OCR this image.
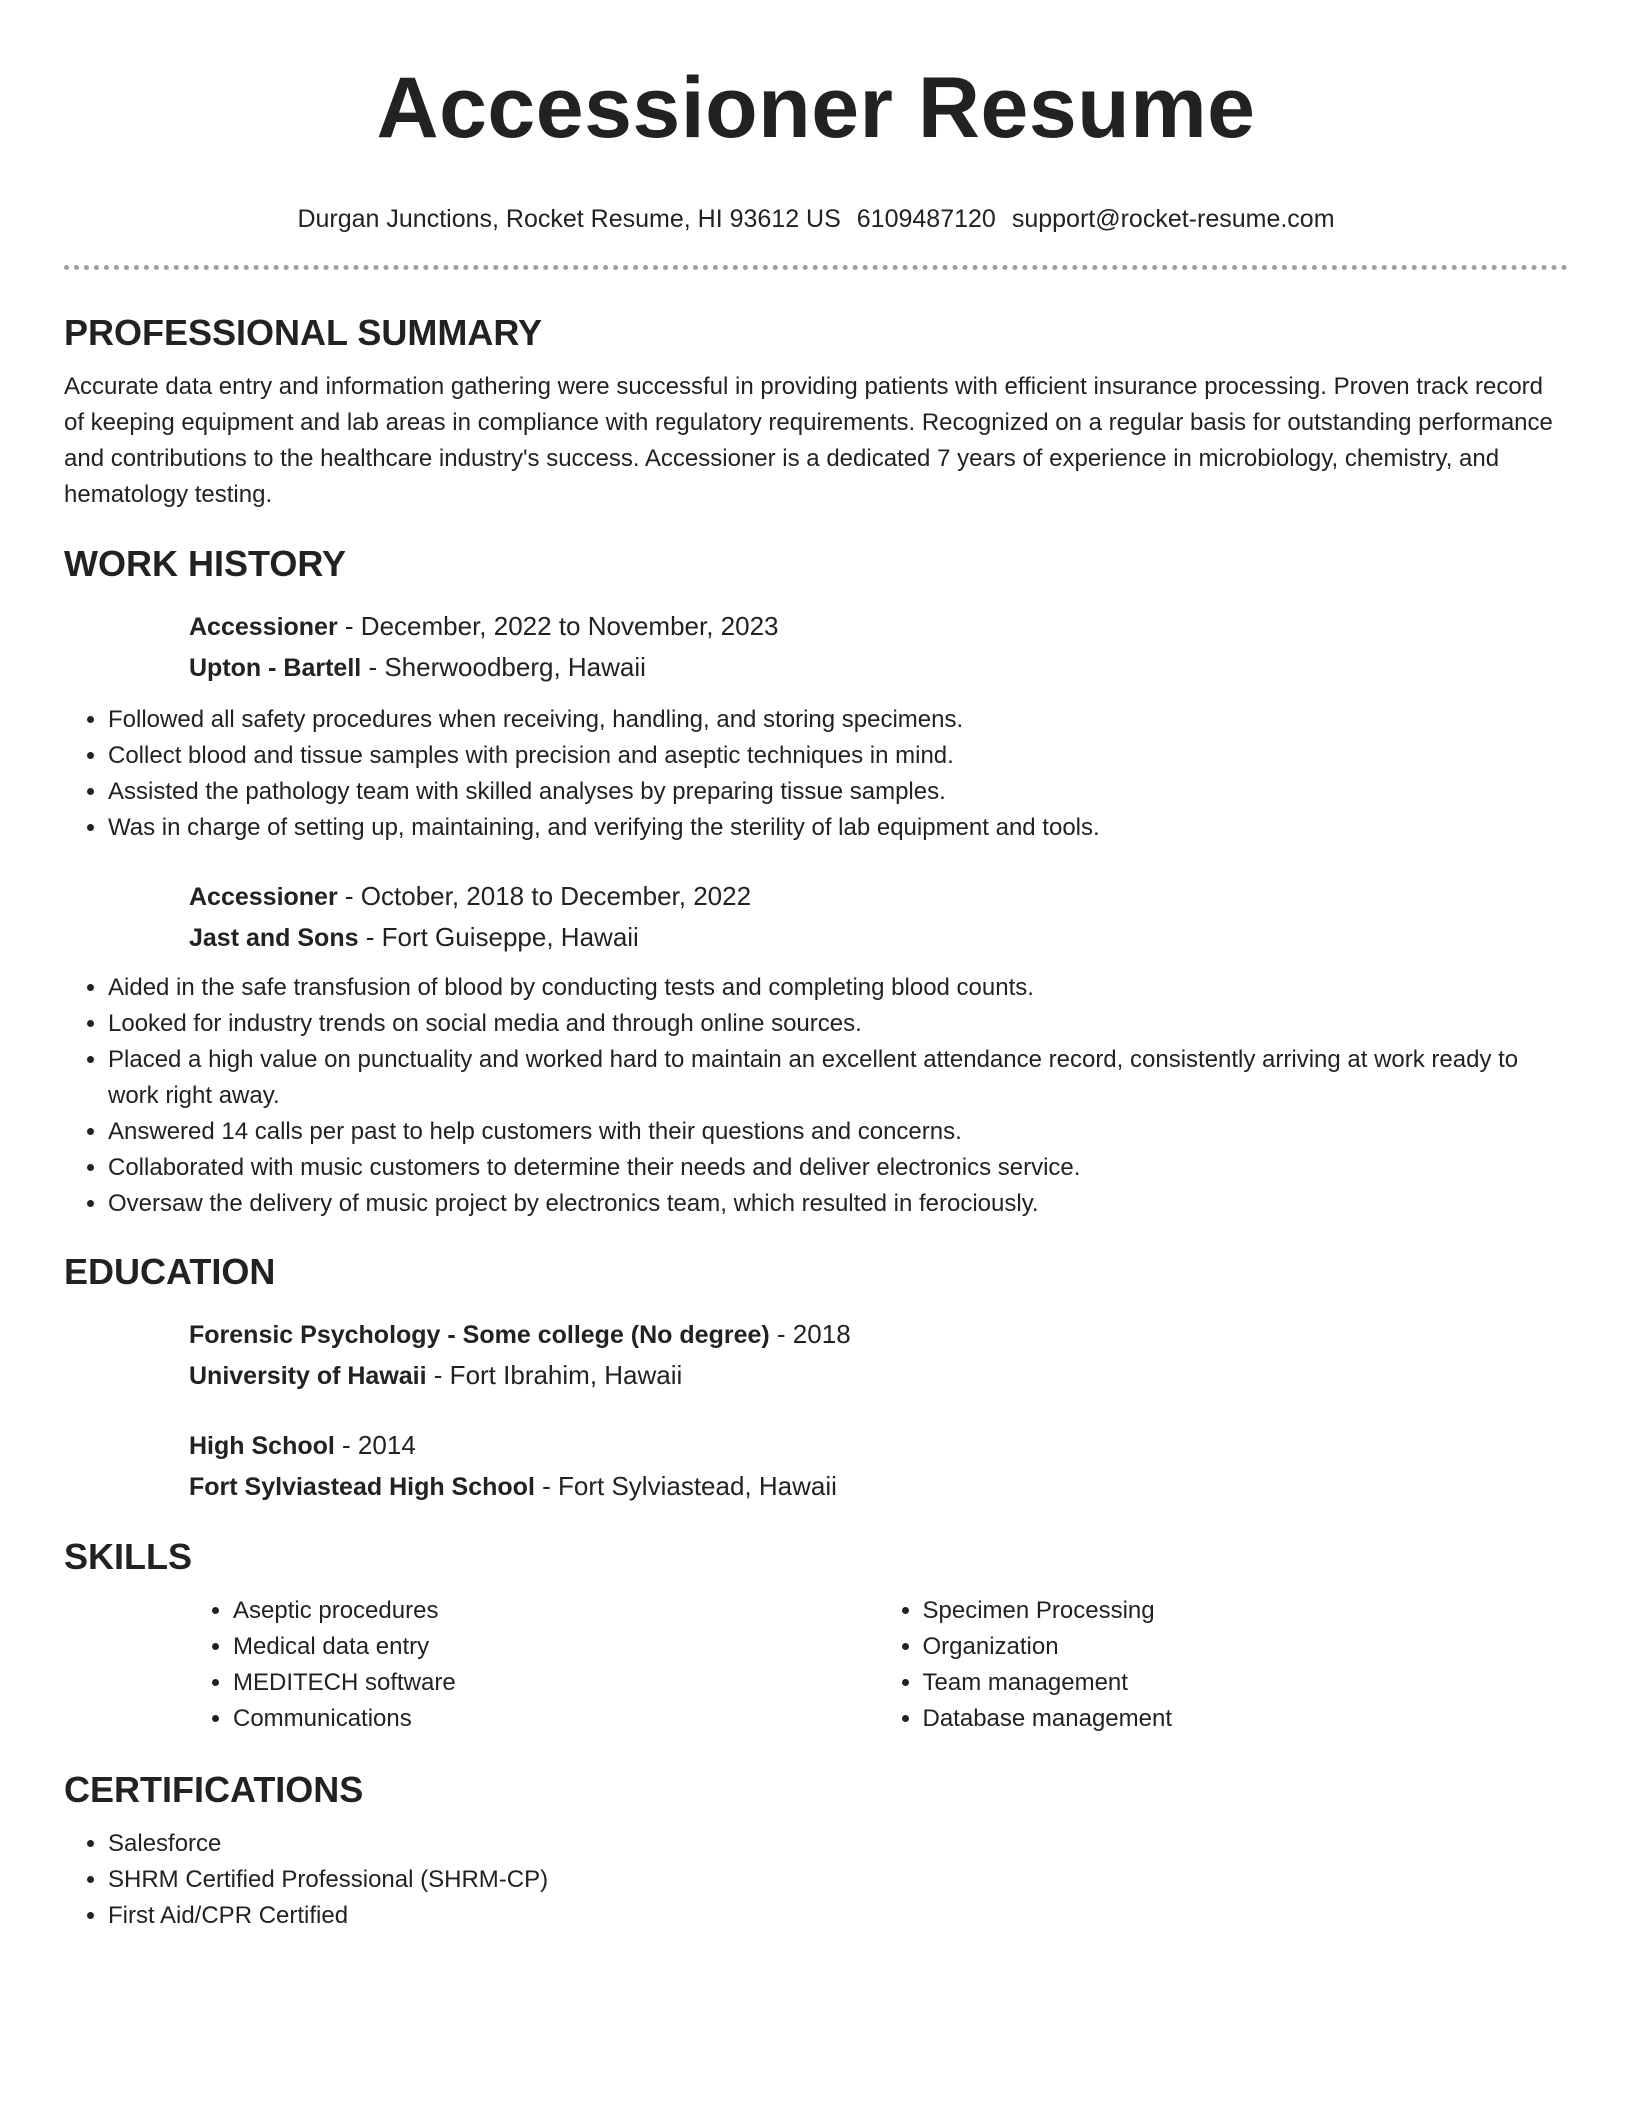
Accessioner Resume
Durgan Junctions, Rocket Resume, HI 93612 US 6109487120 support@rocket-resume.com
PROFESSIONAL SUMMARY

Accurate data entry and information gathering were successful in providing patients with efficient insurance processing. Proven track record of keeping equipment and lab areas in compliance with regulatory requirements. Recognized on a regular basis for outstanding performance and contributions to the healthcare industry's success. Accessioner is a dedicated 7 years of experience in microbiology, chemistry, and hematology testing.

WORK HISTORY
Accessioner - December, 2022 to November, 2023
Upton - Bartell - Sherwoodberg, Hawaii
• Followed all safety procedures when receiving, handling, and storing specimens.
• Collect blood and tissue samples with precision and aseptic techniques in mind.
• Assisted the pathology team with skilled analyses by preparing tissue samples.
• Was in charge of setting up, maintaining, and verifying the sterility of lab equipment and tools.
Accessioner - October, 2018 to December, 2022
Jast and Sons - Fort Guiseppe, Hawaii
• Aided in the safe transfusion of blood by conducting tests and completing blood counts.
• Looked for industry trends on social media and through online sources.
• Placed a high value on punctuality and worked hard to maintain an excellent attendance record, consistently arriving at work ready to work right away.
• Answered 14 calls per past to help customers with their questions and concerns.
• Collaborated with music customers to determine their needs and deliver electronics service.
• Oversaw the delivery of music project by electronics team, which resulted in ferociously.
EDUCATION
Forensic Psychology - Some college (No degree) - 2018
University of Hawaii - Fort Ibrahim, Hawaii
High School - 2014
Fort Sylviastead High School - Fort Sylviastead, Hawaii
SKILLS
• Aseptic procedures
• Medical data entry
• MEDITECH software
• Communications
• Specimen Processing
• Organization
• Team management
• Database management
CERTIFICATIONS
• Salesforce
• SHRM Certified Professional (SHRM-CP)
• First Aid/CPR Certified
